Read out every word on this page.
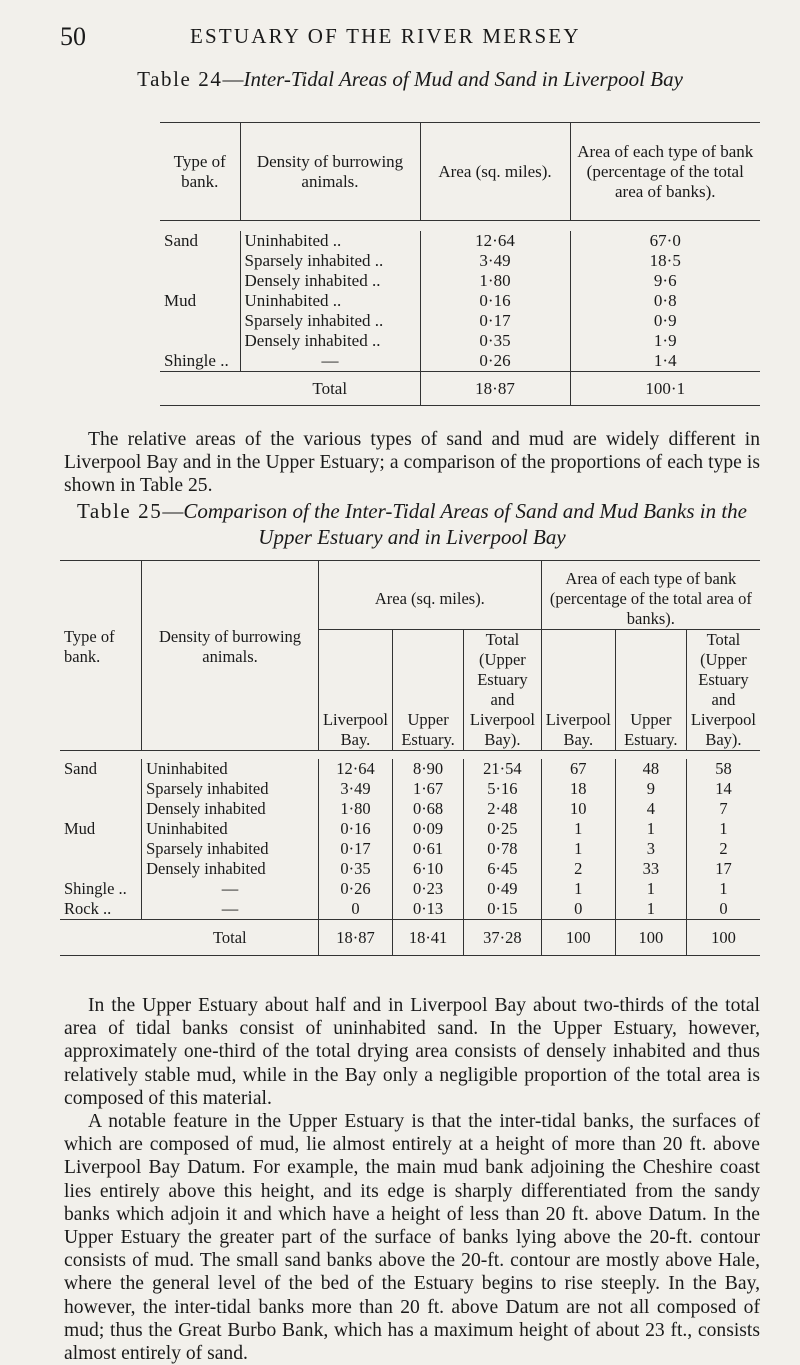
50	ESTUARY OF THE RIVER MERSEY
Table 24—Inter-Tidal Areas of Mud and Sand in Liverpool Bay
Type of bank.	Density of burrowing animals.	Area (sq. miles).	Area of each type of bank (percentage of the total area of banks).

Sand	Uninhabited ..	12·64	67·0
	Sparsely inhabited ..	3·49	18·5
	Densely inhabited ..	1·80	9·6
Mud	Uninhabited ..	0·16	0·8
	Sparsely inhabited ..	0·17	0·9
	Densely inhabited ..	0·35	1·9
Shingle ..	—	0·26	1·4
	Total	18·87	100·1

The relative areas of the various types of sand and mud are widely different in Liverpool Bay and in the Upper Estuary; a comparison of the proportions of each type is shown in Table 25.

Table 25—Comparison of the Inter-Tidal Areas of Sand and Mud Banks in the Upper Estuary and in Liverpool Bay
Type of bank.	Density of burrowing animals.	Area (sq. miles).			Area of each type of bank (percentage of the total area of banks).		
		Liverpool Bay.	Upper Estuary.	Total (Upper Estuary and Liverpool Bay).	Liverpool Bay.	Upper Estuary.	Total (Upper Estuary and Liverpool Bay).

Sand	Uninhabited	12·64	8·90	21·54	67	48	58
	Sparsely inhabited	3·49	1·67	5·16	18	9	14
	Densely inhabited	1·80	0·68	2·48	10	4	7
Mud	Uninhabited	0·16	0·09	0·25	1	1	1
	Sparsely inhabited	0·17	0·61	0·78	1	3	2
	Densely inhabited	0·35	6·10	6·45	2	33	17
Shingle ..	—	0·26	0·23	0·49	1	1	1
Rock ..	—	0	0·13	0·15	0	1	0
	Total	18·87	18·41	37·28	100	100	100

In the Upper Estuary about half and in Liverpool Bay about two-thirds of the total area of tidal banks consist of uninhabited sand. In the Upper Estuary, however, approximately one-third of the total drying area consists of densely inhabited and thus relatively stable mud, while in the Bay only a negligible proportion of the total area is composed of this material.

A notable feature in the Upper Estuary is that the inter-tidal banks, the surfaces of which are composed of mud, lie almost entirely at a height of more than 20 ft. above Liverpool Bay Datum. For example, the main mud bank adjoining the Cheshire coast lies entirely above this height, and its edge is sharply differentiated from the sandy banks which adjoin it and which have a height of less than 20 ft. above Datum. In the Upper Estuary the greater part of the surface of banks lying above the 20-ft. contour consists of mud. The small sand banks above the 20-ft. contour are mostly above Hale, where the general level of the bed of the Estuary begins to rise steeply. In the Bay, however, the inter-tidal banks more than 20 ft. above Datum are not all composed of mud; thus the Great Burbo Bank, which has a maximum height of about 23 ft., consists almost entirely of sand.
